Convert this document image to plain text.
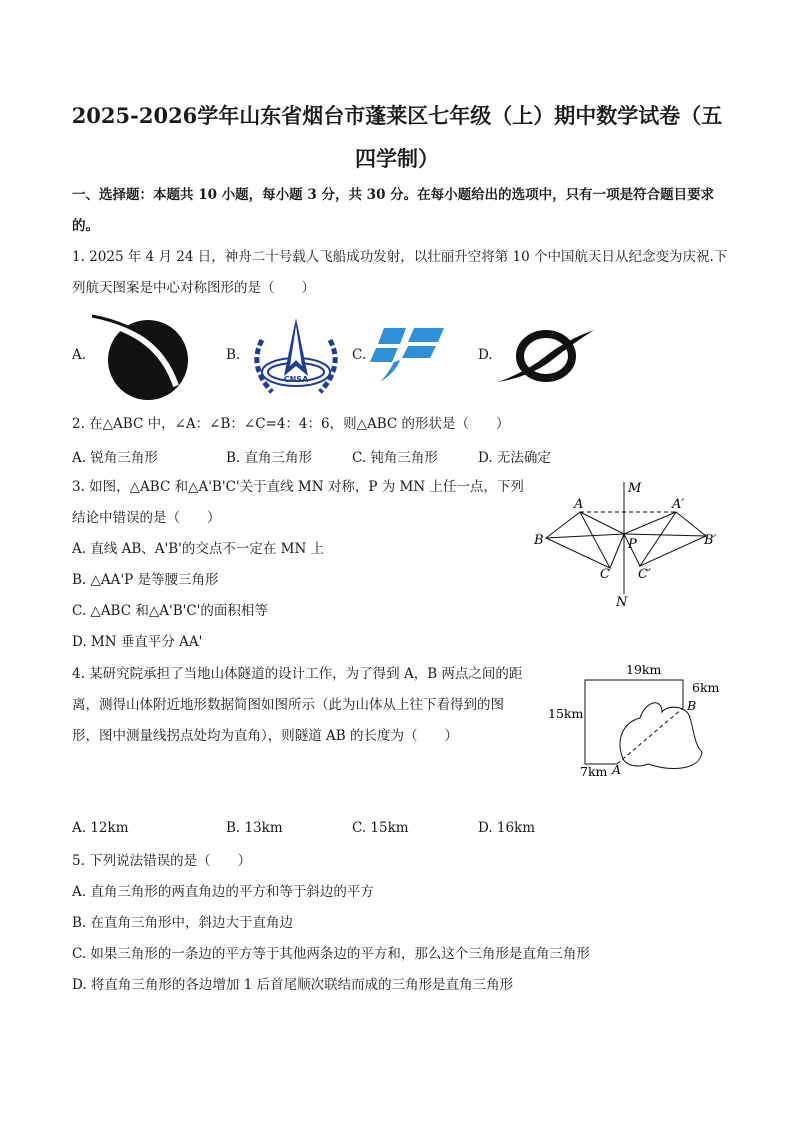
2025-2026学年山东省烟台市蓬莱区七年级（上）期中数学试卷（五
四学制）
一、选择题：本题共 10 小题，每小题 3 分，共 30 分。在每小题给出的选项中，只有一项是符合题目要求
的。
1. 2025 年 4 月 24 日，神舟二十号载人飞船成功发射，以壮丽升空将第 10 个中国航天日从纪念变为庆祝.下
列航天图案是中心对称图形的是（　　）
A.	B.
CNSA
C.	D.
2. 在△ABC 中，∠A：∠B：∠C=4：4：6，则△ABC 的形状是（　　）
A. 锐角三角形	B. 直角三角形	C. 钝角三角形	D. 无法确定
3. 如图，△ABC 和△A'B'C'关于直线 MN 对称，P 为 MN 上任一点，下列
结论中错误的是（　　）
A. 直线 AB、A'B'的交点不一定在 MN 上
B. △AA'P 是等腰三角形
C. △ABC 和△A'B'C'的面积相等
D. MN 垂直平分 AA'
M
N
A	A′
B	B′
C C′
P
4. 某研究院承担了当地山体隧道的设计工作，为了得到 A，B 两点之间的距
离，测得山体附近地形数据简图如图所示（此为山体从上往下看得到的图
形，图中测量线拐点处均为直角），则隧道 AB 的长度为（　　）
19km
6km
15km
7km A
B
A. 12km	B. 13km	C. 15km	D. 16km
5. 下列说法错误的是（　　）
A. 直角三角形的两直角边的平方和等于斜边的平方
B. 在直角三角形中，斜边大于直角边
C. 如果三角形的一条边的平方等于其他两条边的平方和，那么这个三角形是直角三角形
D. 将直角三角形的各边增加 1 后首尾顺次联结而成的三角形是直角三角形
